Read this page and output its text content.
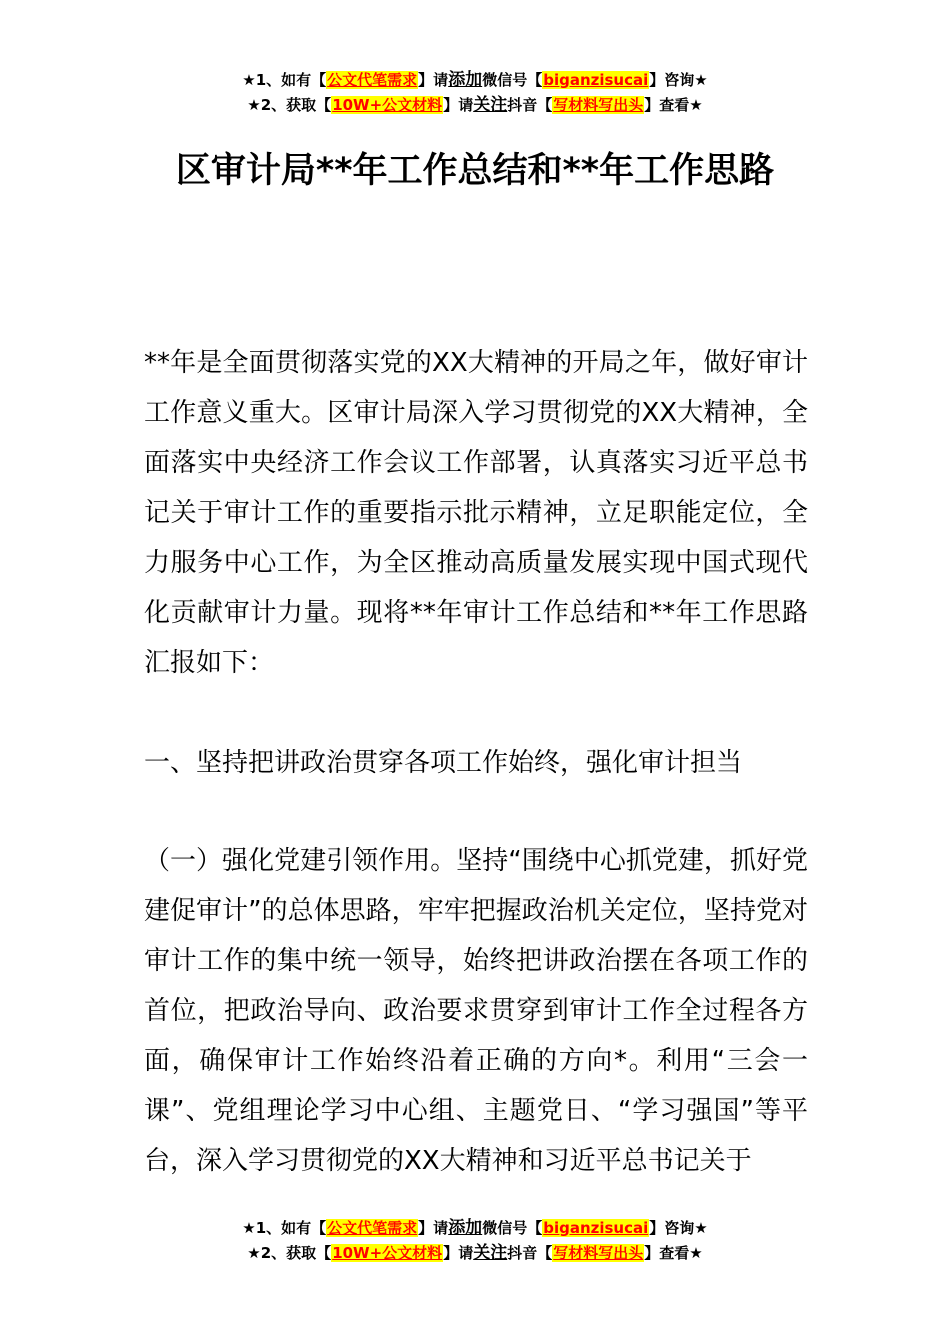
★1、如有【公文代笔需求】请添加微信号【biganzisucai】咨询★
★2、获取【10W+公文材料】请关注抖音【写材料写出头】查看★
区审计局**年工作总结和**年工作思路

**年是全面贯彻落实党的XX大精神的开局之年，做好审计工作意义重大。区审计局深入学习贯彻党的XX大精神，全面落实中央经济工作会议工作部署，认真落实习近平总书记关于审计工作的重要指示批示精神，立足职能定位，全力服务中心工作，为全区推动高质量发展实现中国式现代化贡献审计力量。现将**年审计工作总结和**年工作思路汇报如下：

一、坚持把讲政治贯穿各项工作始终，强化审计担当

（一）强化党建引领作用。坚持“围绕中心抓党建，抓好党建促审计”的总体思路，牢牢把握政治机关定位，坚持党对审计工作的集中统一领导，始终把讲政治摆在各项工作的首位，把政治导向、政治要求贯穿到审计工作全过程各方面，确保审计工作始终沿着正确的方向*。利用“三会一课”、党组理论学习中心组、主题党日、“学习强国”等平台，深入学习贯彻党的XX大精神和习近平总书记关于

★1、如有【公文代笔需求】请添加微信号【biganzisucai】咨询★
★2、获取【10W+公文材料】请关注抖音【写材料写出头】查看★
